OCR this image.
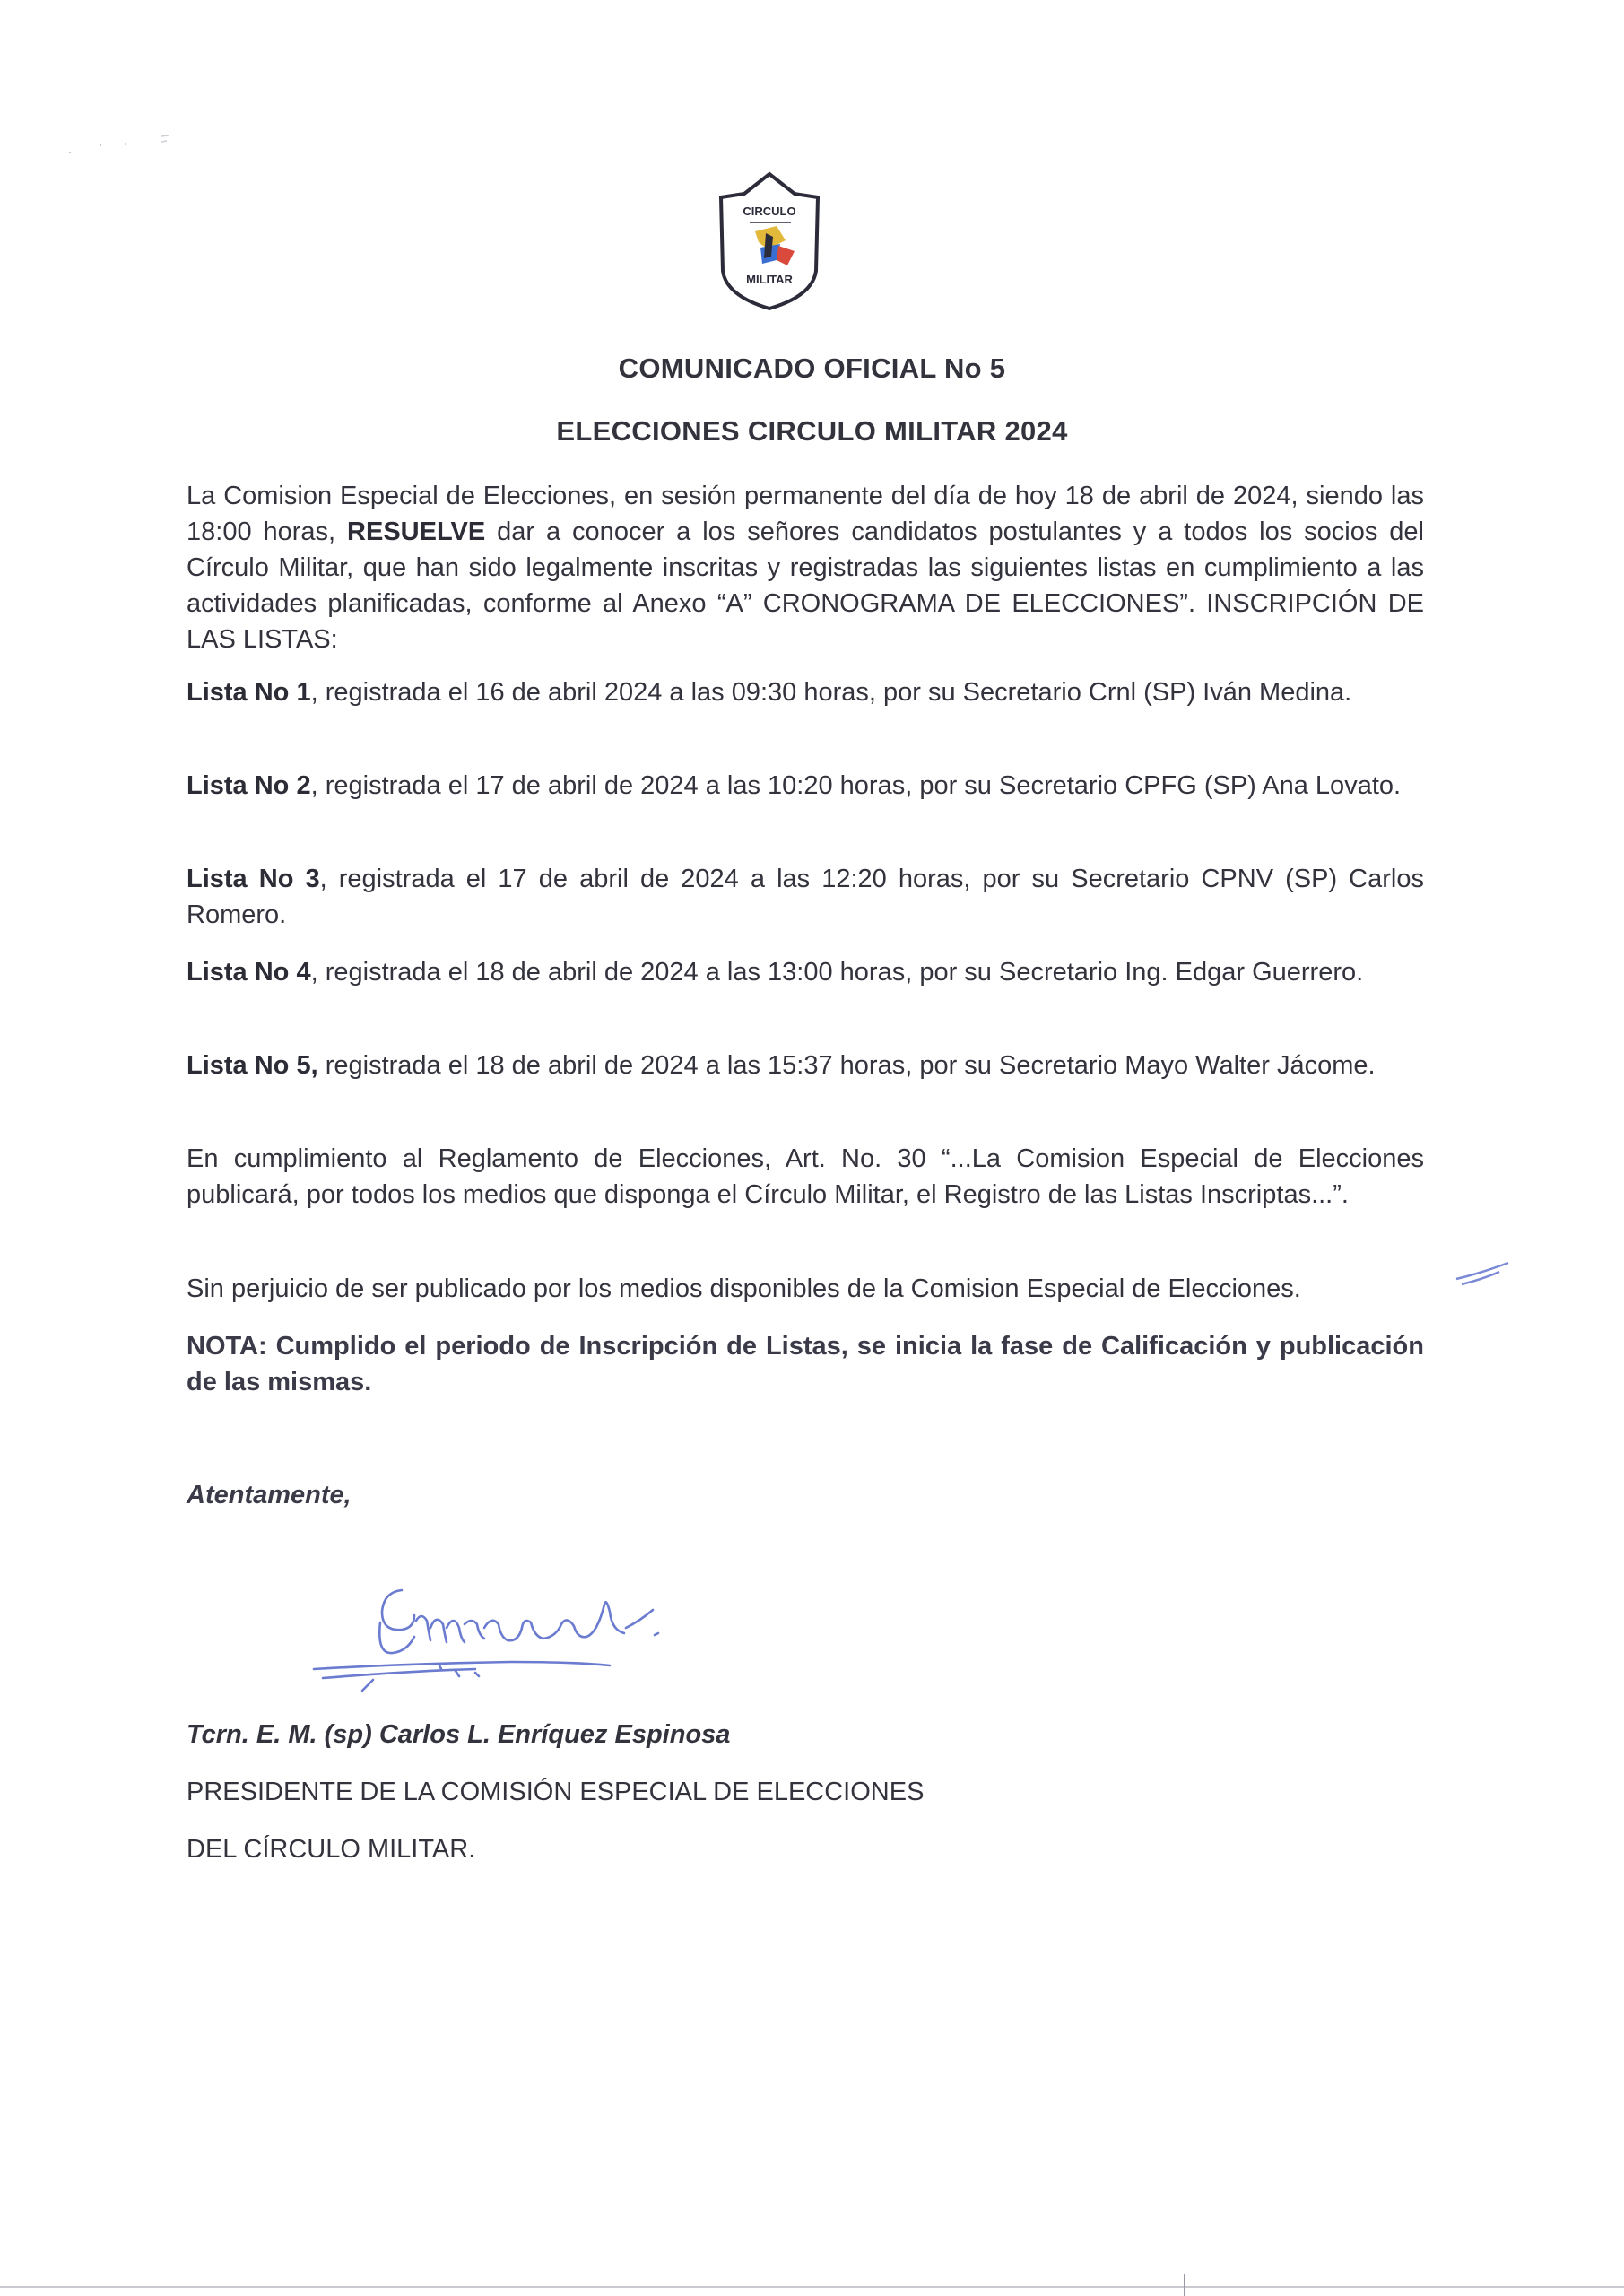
CIRCULO
MILITAR
COMUNICADO OFICIAL No 5
ELECCIONES CIRCULO MILITAR 2024
La Comision Especial de Elecciones, en sesión permanente del día de hoy 18 de abril de 2024, siendo las 18:00 horas, RESUELVE dar a conocer a los señores candidatos postulantes y a todos los socios del Círculo Militar, que han sido legalmente inscritas y registradas las siguientes listas en cumplimiento a las actividades planificadas, conforme al Anexo “A” CRONOGRAMA DE ELECCIONES”. INSCRIPCIÓN DE LAS LISTAS:
Lista No 1, registrada el 16 de abril 2024 a las 09:30 horas, por su Secretario Crnl (SP) Iván Medina.
Lista No 2, registrada el 17 de abril de 2024 a las 10:20 horas, por su Secretario CPFG (SP) Ana Lovato.
Lista No 3, registrada el 17 de abril de 2024 a las 12:20 horas, por su Secretario CPNV (SP) Carlos Romero.
Lista No 4, registrada el 18 de abril de 2024 a las 13:00 horas, por su Secretario Ing. Edgar Guerrero.
Lista No 5, registrada el 18 de abril de 2024 a las 15:37 horas, por su Secretario Mayo Walter Jácome.
En cumplimiento al Reglamento de Elecciones, Art. No. 30 “...La Comision Especial de Elecciones publicará, por todos los medios que disponga el Círculo Militar, el Registro de las Listas Inscriptas...”.
Sin perjuicio de ser publicado por los medios disponibles de la Comision Especial de Elecciones.
NOTA: Cumplido el periodo de Inscripción de Listas, se inicia la fase de Calificación y publicación de las mismas.
Atentamente,
Tcrn. E. M. (sp) Carlos L. Enríquez Espinosa
PRESIDENTE DE LA COMISIÓN ESPECIAL DE ELECCIONES
DEL CÍRCULO MILITAR.
